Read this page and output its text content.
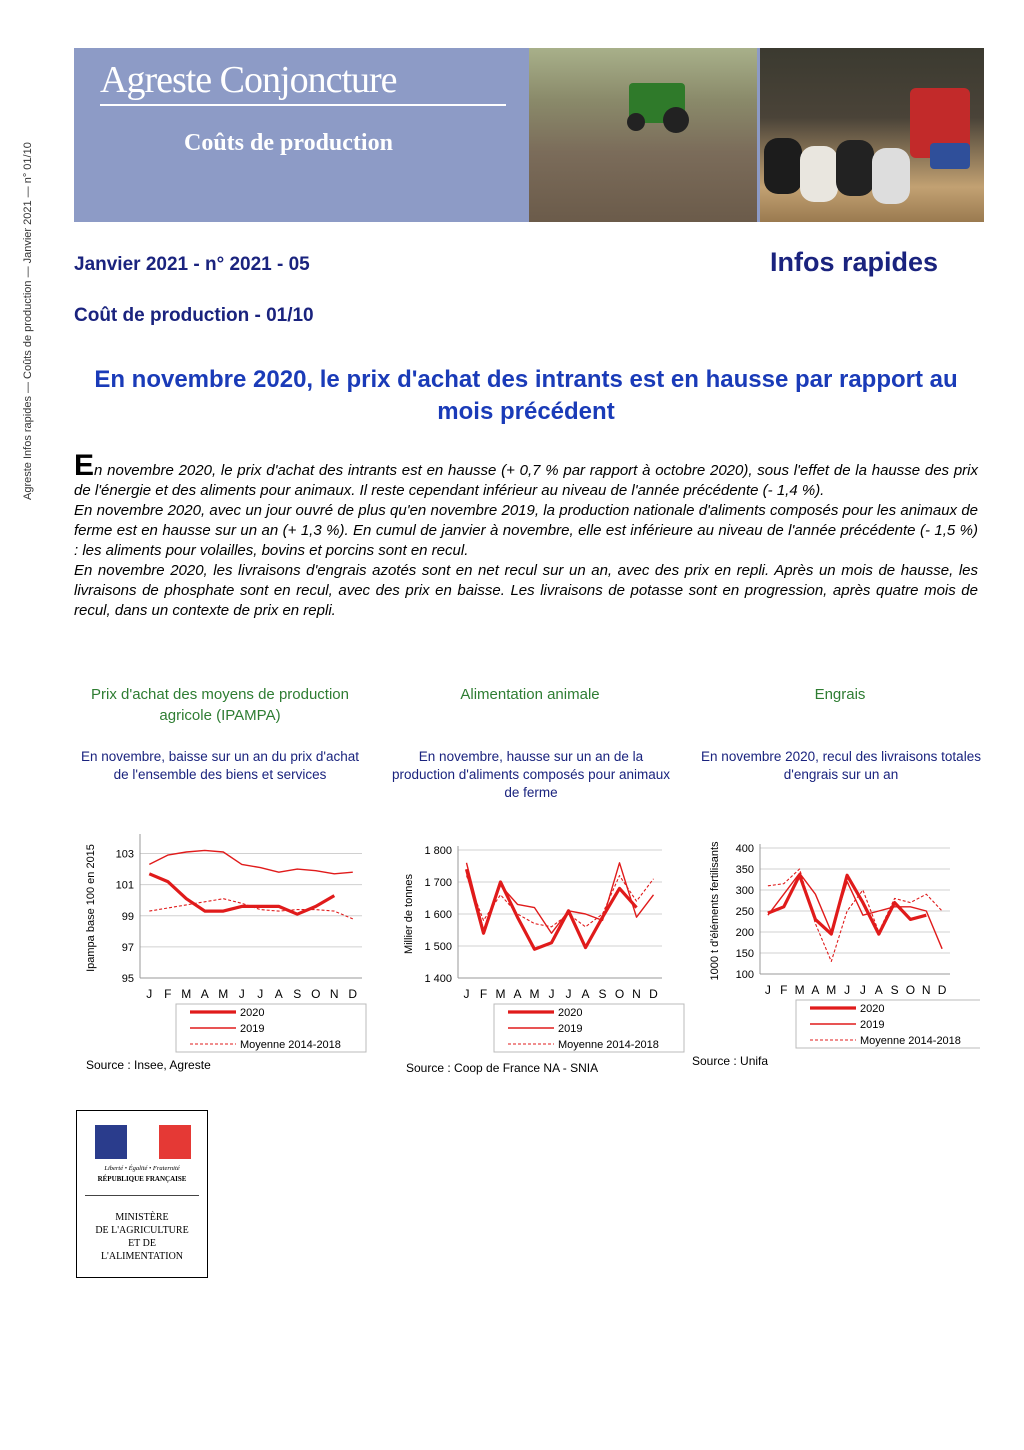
Agreste Infos rapides — Coûts de production — Janvier 2021 — n° 01/10
Agreste Conjoncture
Coûts de production
Janvier 2021 - n° 2021 - 05	Infos rapides
Coût de production - 01/10
En novembre 2020, le prix d'achat des intrants est en hausse par rapport au mois précédent

En novembre 2020, le prix d'achat des intrants est en hausse (+ 0,7 % par rapport à octobre 2020), sous l'effet de la hausse des prix de l'énergie et des aliments pour animaux. Il reste cependant inférieur au niveau de l'année précédente (- 1,4 %).

En novembre 2020, avec un jour ouvré de plus qu'en novembre 2019, la production nationale d'aliments composés pour les animaux de ferme est en hausse sur un an (+ 1,3 %). En cumul de janvier à novembre, elle est inférieure au niveau de l'année précédente (- 1,5 %) : les aliments pour volailles, bovins et porcins sont en recul.

En novembre 2020, les livraisons d'engrais azotés sont en net recul sur un an, avec des prix en repli. Après un mois de hausse, les livraisons de phosphate sont en recul, avec des prix en baisse. Les livraisons de potasse sont en progression, après quatre mois de recul, dans un contexte de prix en repli.

Prix d'achat des moyens de production agricole (IPAMPA)
En novembre, baisse sur un an du prix d'achat de l'ensemble des biens et services
103
101
99
97
95
J F M A M J J A S O N D
Ipampa base 100 en 2015
2020
2019
Moyenne 2014-2018
Source : Insee, Agreste
Alimentation animale
En novembre, hausse sur un an de la production d'aliments composés pour animaux de ferme
1 800
1 700
1 600
1 500
1 400
J F M A M J J A S O N D
Millier de tonnes
2020
2019
Moyenne 2014-2018
Source : Coop de France NA - SNIA
Engrais
En novembre 2020, recul des livraisons totales d'engrais sur un an
400
350
300
250
200
150
100
J F M A M J J A S O N D
1000 t d'éléments fertilisants
2020
2019
Moyenne 2014-2018
Source : Unifa
Liberté • Égalité • Fraternité
RÉPUBLIQUE FRANÇAISE
MINISTÈRE
DE L'AGRICULTURE
ET DE
L'ALIMENTATION
